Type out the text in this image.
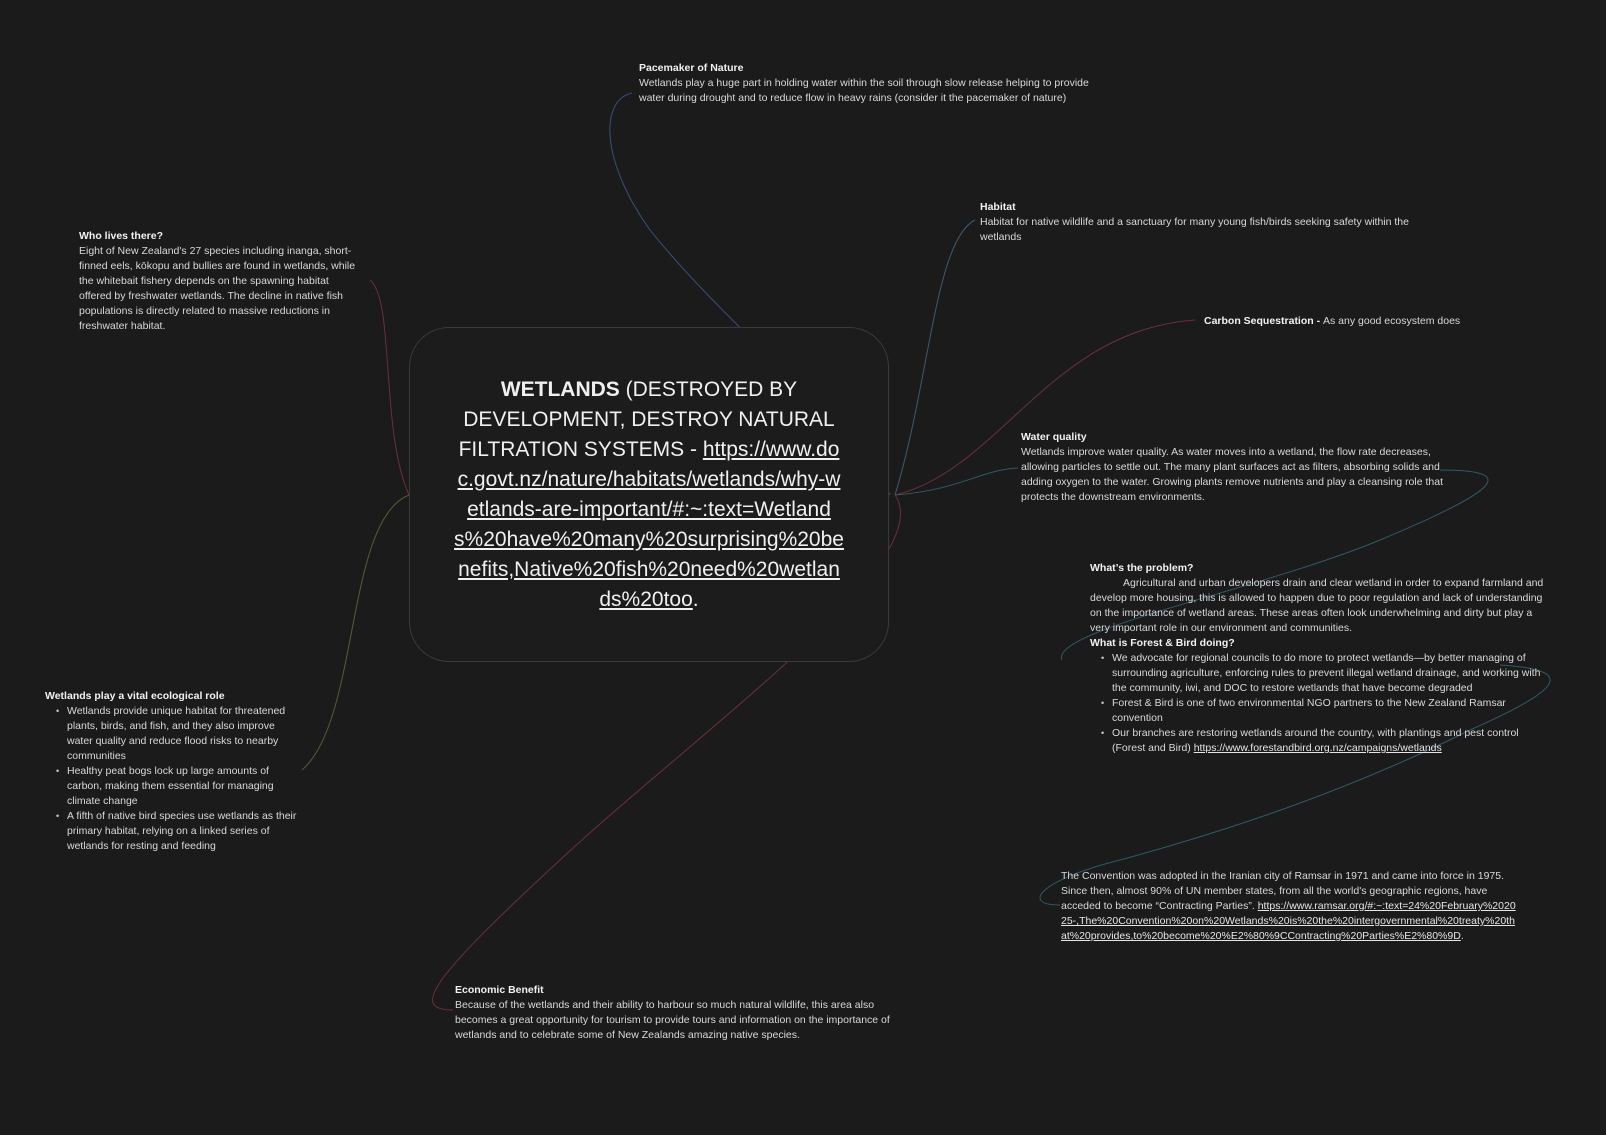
WETLANDS (DESTROYED BY DEVELOPMENT, DESTROY NATURAL FILTRATION SYSTEMS - https://www.doc.govt.nz/nature/habitats/wetlands/why-wetlands-are-important/#:~:text=Wetlands%20have%20many%20surprising%20benefits,Native%20fish%20need%20wetlands%20too.
Pacemaker of Nature

Wetlands play a huge part in holding water within the soil through slow release helping to provide water during drought and to reduce flow in heavy rains (consider it the pacemaker of nature)

Habitat

Habitat for native wildlife and a sanctuary for many young fish/birds seeking safety within the wetlands

Carbon Sequestration - As any good ecosystem does

Water quality

Wetlands improve water quality. As water moves into a wetland, the flow rate decreases, allowing particles to settle out. The many plant surfaces act as filters, absorbing solids and adding oxygen to the water. Growing plants remove nutrients and play a cleansing role that protects the downstream environments.

What’s the problem?

Agricultural and urban developers drain and clear wetland in order to expand farmland and develop more housing, this is allowed to happen due to poor regulation and lack of understanding on the importance of wetland areas. These areas often look underwhelming and dirty but play a very important role in our environment and communities.

What is Forest & Bird doing?
• We advocate for regional councils to do more to protect wetlands—by better managing of surrounding agriculture, enforcing rules to prevent illegal wetland drainage, and working with the community, iwi, and DOC to restore wetlands that have become degraded
• Forest & Bird is one of two environmental NGO partners to the New Zealand Ramsar convention
• Our branches are restoring wetlands around the country, with plantings and pest control (Forest and Bird) https://www.forestandbird.org.nz/campaigns/wetlands

The Convention was adopted in the Iranian city of Ramsar in 1971 and came into force in 1975. Since then, almost 90% of UN member states, from all the world's geographic regions, have acceded to become “Contracting Parties”. https://www.ramsar.org/#:~:text=24%20February%202025-,The%20Convention%20on%20Wetlands%20is%20the%20intergovernmental%20treaty%20that%20provides,to%20become%20%E2%80%9CContracting%20Parties%E2%80%9D.

Economic Benefit

Because of the wetlands and their ability to harbour so much natural wildlife, this area also becomes a great opportunity for tourism to provide tours and information on the importance of wetlands and to celebrate some of New Zealands amazing native species.

Who lives there?

Eight of New Zealand's 27 species including inanga, short-finned eels, kōkopu and bullies are found in wetlands, while the whitebait fishery depends on the spawning habitat offered by freshwater wetlands. The decline in native fish populations is directly related to massive reductions in freshwater habitat.

Wetlands play a vital ecological role
• Wetlands provide unique habitat for threatened plants, birds, and fish, and they also improve water quality and reduce flood risks to nearby communities
• Healthy peat bogs lock up large amounts of carbon, making them essential for managing climate change
• A fifth of native bird species use wetlands as their primary habitat, relying on a linked series of wetlands for resting and feeding
